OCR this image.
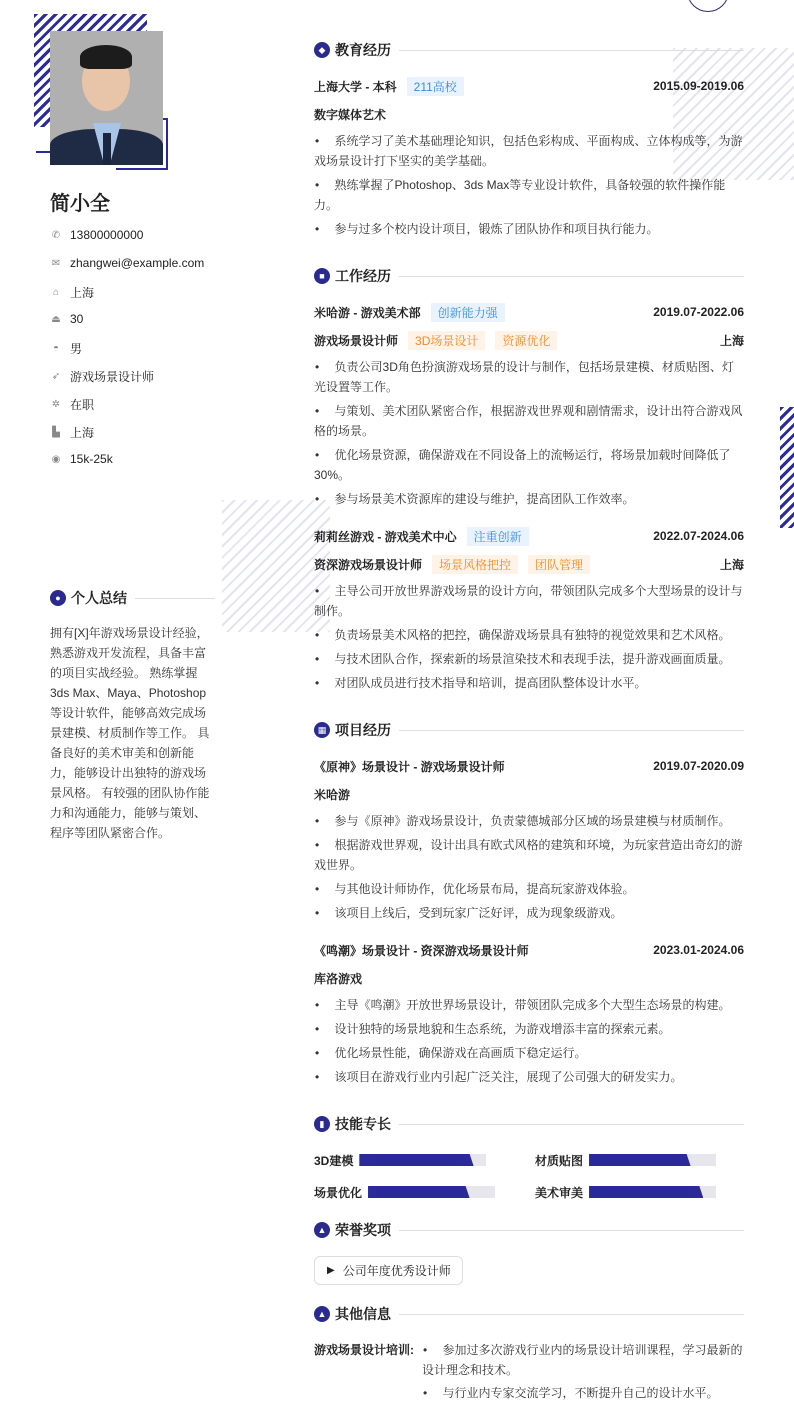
简小全
✆ 13800000000
✉ zhangwei@example.com
⌂ 上海
⏏ 30
◓ 男
➶ 游戏场景设计师
✲ 在职
▙ 上海
◉ 15k-25k
● 个人总结
拥有[X]年游戏场景设计经验，熟悉游戏开发流程，具备丰富的项目实战经验。 熟练掌握3ds Max、Maya、Photoshop等设计软件，能够高效完成场景建模、材质制作等工作。 具备良好的美术审美和创新能力，能够设计出独特的游戏场景风格。 有较强的团队协作能力和沟通能力，能够与策划、程序等团队紧密合作。
◆ 教育经历
上海大学 - 本科	211高校	2015.09-2019.06
数字媒体艺术
• 系统学习了美术基础理论知识，包括色彩构成、平面构成、立体构成等，为游戏场景设计打下坚实的美学基础。
• 熟练掌握了Photoshop、3ds Max等专业设计软件，具备较强的软件操作能力。
• 参与过多个校内设计项目，锻炼了团队协作和项目执行能力。
■ 工作经历
米哈游 - 游戏美术部	创新能力强	2019.07-2022.06
游戏场景设计师	3D场景设计	资源优化	上海
• 负责公司3D角色扮演游戏场景的设计与制作，包括场景建模、材质贴图、灯光设置等工作。
• 与策划、美术团队紧密合作，根据游戏世界观和剧情需求，设计出符合游戏风格的场景。
• 优化场景资源，确保游戏在不同设备上的流畅运行，将场景加载时间降低了30%。
• 参与场景美术资源库的建设与维护，提高团队工作效率。
莉莉丝游戏 - 游戏美术中心	注重创新	2022.07-2024.06
资深游戏场景设计师	场景风格把控	团队管理	上海
• 主导公司开放世界游戏场景的设计方向，带领团队完成多个大型场景的设计与制作。
• 负责场景美术风格的把控，确保游戏场景具有独特的视觉效果和艺术风格。
• 与技术团队合作，探索新的场景渲染技术和表现手法，提升游戏画面质量。
• 对团队成员进行技术指导和培训，提高团队整体设计水平。
▦ 项目经历
《原神》场景设计 - 游戏场景设计师	2019.07-2020.09
米哈游
• 参与《原神》游戏场景设计，负责蒙德城部分区域的场景建模与材质制作。
• 根据游戏世界观，设计出具有欧式风格的建筑和环境，为玩家营造出奇幻的游戏世界。
• 与其他设计师协作，优化场景布局，提高玩家游戏体验。
• 该项目上线后，受到玩家广泛好评，成为现象级游戏。
《鸣潮》场景设计 - 资深游戏场景设计师	2023.01-2024.06
库洛游戏
• 主导《鸣潮》开放世界场景设计，带领团队完成多个大型生态场景的构建。
• 设计独特的场景地貌和生态系统，为游戏增添丰富的探索元素。
• 优化场景性能，确保游戏在高画质下稳定运行。
• 该项目在游戏行业内引起广泛关注，展现了公司强大的研发实力。
▮ 技能专长
3D建模	材质贴图
场景优化	美术审美
▲ 荣誉奖项
▶ 公司年度优秀设计师
▲ 其他信息
游戏场景设计培训: • 参加过多次游戏行业内的场景设计培训课程，学习最新的设计理念和技术。
• 与行业内专家交流学习，不断提升自己的设计水平。
